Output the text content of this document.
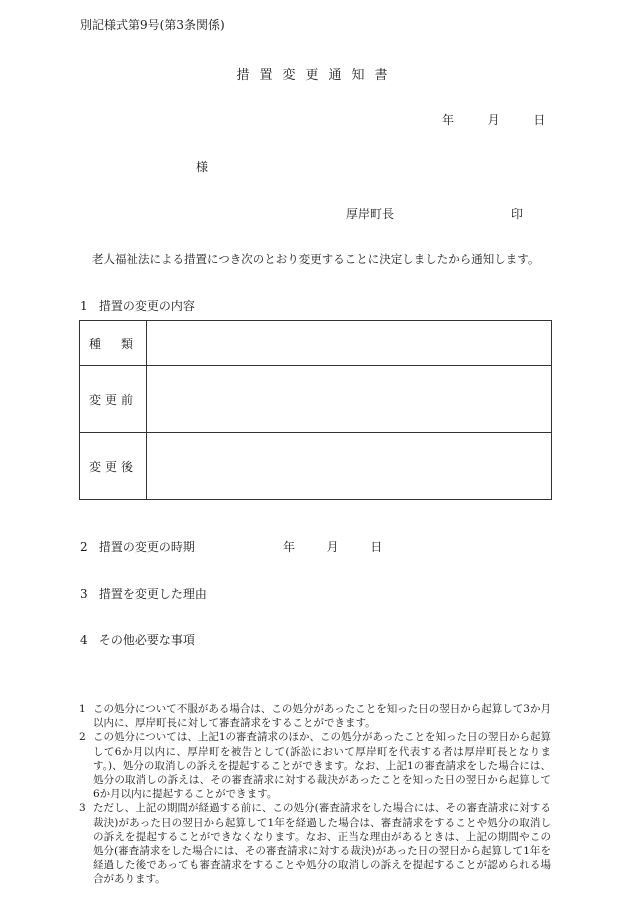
別記様式第9号(第3条関係)
措置変更通知書
年	月	日
様
厚岸町長	印
老人福祉法による措置につき次のとおり変更することに決定しましたから通知します。
1 措置の変更の内容
種　類	
変更前	
変更後	
2 措置の変更の時期	年	月	日
3 措置を変更した理由
4 その他必要な事項
1 この処分について不服がある場合は、この処分があったことを知った日の翌日から起算して3か月以内に、厚岸町長に対して審査請求をすることができます。
2 この処分については、上記1の審査請求のほか、この処分があったことを知った日の翌日から起算して6か月以内に、厚岸町を被告として(訴訟において厚岸町を代表する者は厚岸町長となります。)、処分の取消しの訴えを提起することができます。なお、上記1の審査請求をした場合には、処分の取消しの訴えは、その審査請求に対する裁決があったことを知った日の翌日から起算して6か月以内に提起することができます。
3 ただし、上記の期間が経過する前に、この処分(審査請求をした場合には、その審査請求に対する裁決)があった日の翌日から起算して1年を経過した場合は、審査請求をすることや処分の取消しの訴えを提起することができなくなります。なお、正当な理由があるときは、上記の期間やこの処分(審査請求をした場合には、その審査請求に対する裁決)があった日の翌日から起算して1年を経過した後であっても審査請求をすることや処分の取消しの訴えを提起することが認められる場合があります。
